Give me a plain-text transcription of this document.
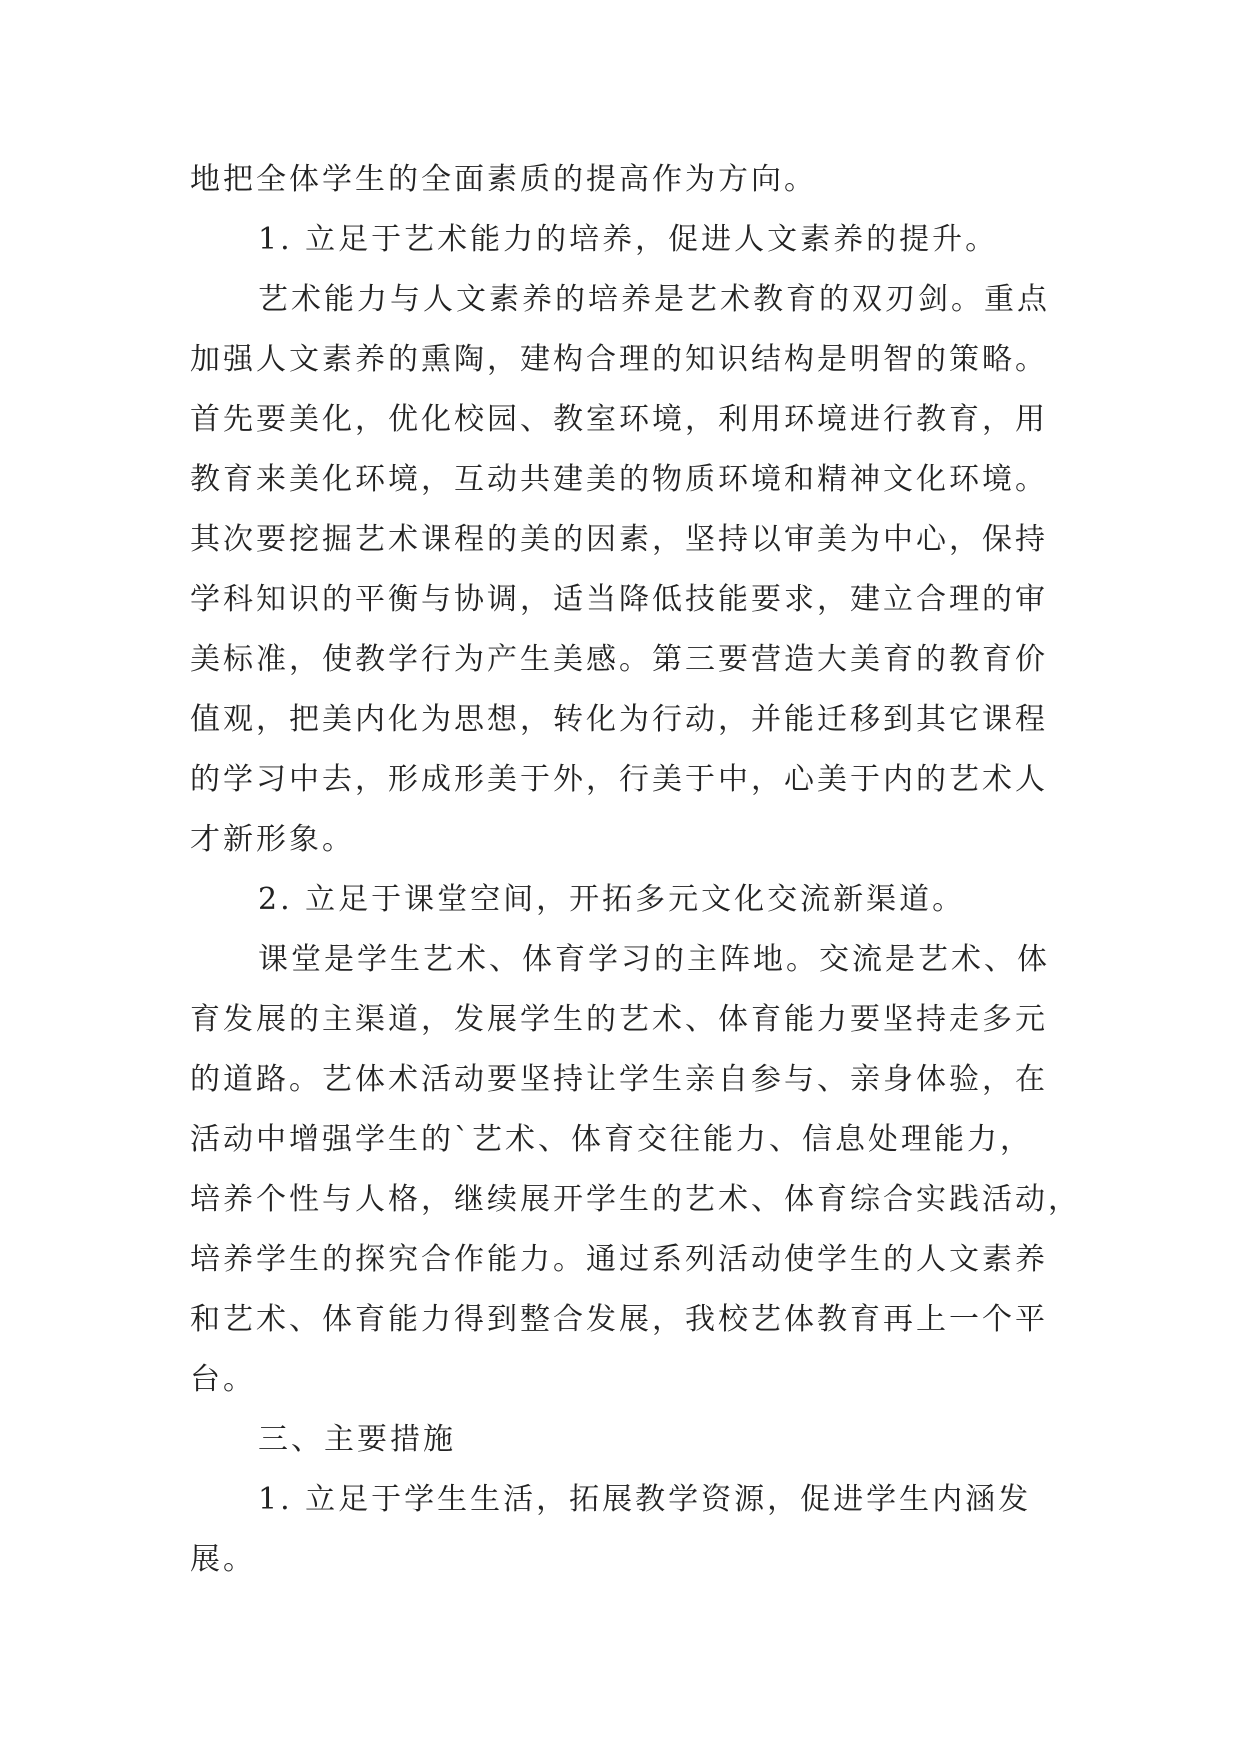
地把全体学生的全面素质的提高作为方向。
1. 立足于艺术能力的培养，促进人文素养的提升。
艺术能力与人文素养的培养是艺术教育的双刃剑。重点
加强人文素养的熏陶，建构合理的知识结构是明智的策略。
首先要美化，优化校园、教室环境，利用环境进行教育，用
教育来美化环境，互动共建美的物质环境和精神文化环境。
其次要挖掘艺术课程的美的因素，坚持以审美为中心，保持
学科知识的平衡与协调，适当降低技能要求，建立合理的审
美标准，使教学行为产生美感。第三要营造大美育的教育价
值观，把美内化为思想，转化为行动，并能迁移到其它课程
的学习中去，形成形美于外，行美于中，心美于内的艺术人
才新形象。
2. 立足于课堂空间，开拓多元文化交流新渠道。
课堂是学生艺术、体育学习的主阵地。交流是艺术、体
育发展的主渠道，发展学生的艺术、体育能力要坚持走多元
的道路。艺体术活动要坚持让学生亲自参与、亲身体验，在
活动中增强学生的`艺术、体育交往能力、信息处理能力，
培养个性与人格，继续展开学生的艺术、体育综合实践活动，
培养学生的探究合作能力。通过系列活动使学生的人文素养
和艺术、体育能力得到整合发展，我校艺体教育再上一个平
台。
三、主要措施
1. 立足于学生生活，拓展教学资源，促进学生内涵发
展。
